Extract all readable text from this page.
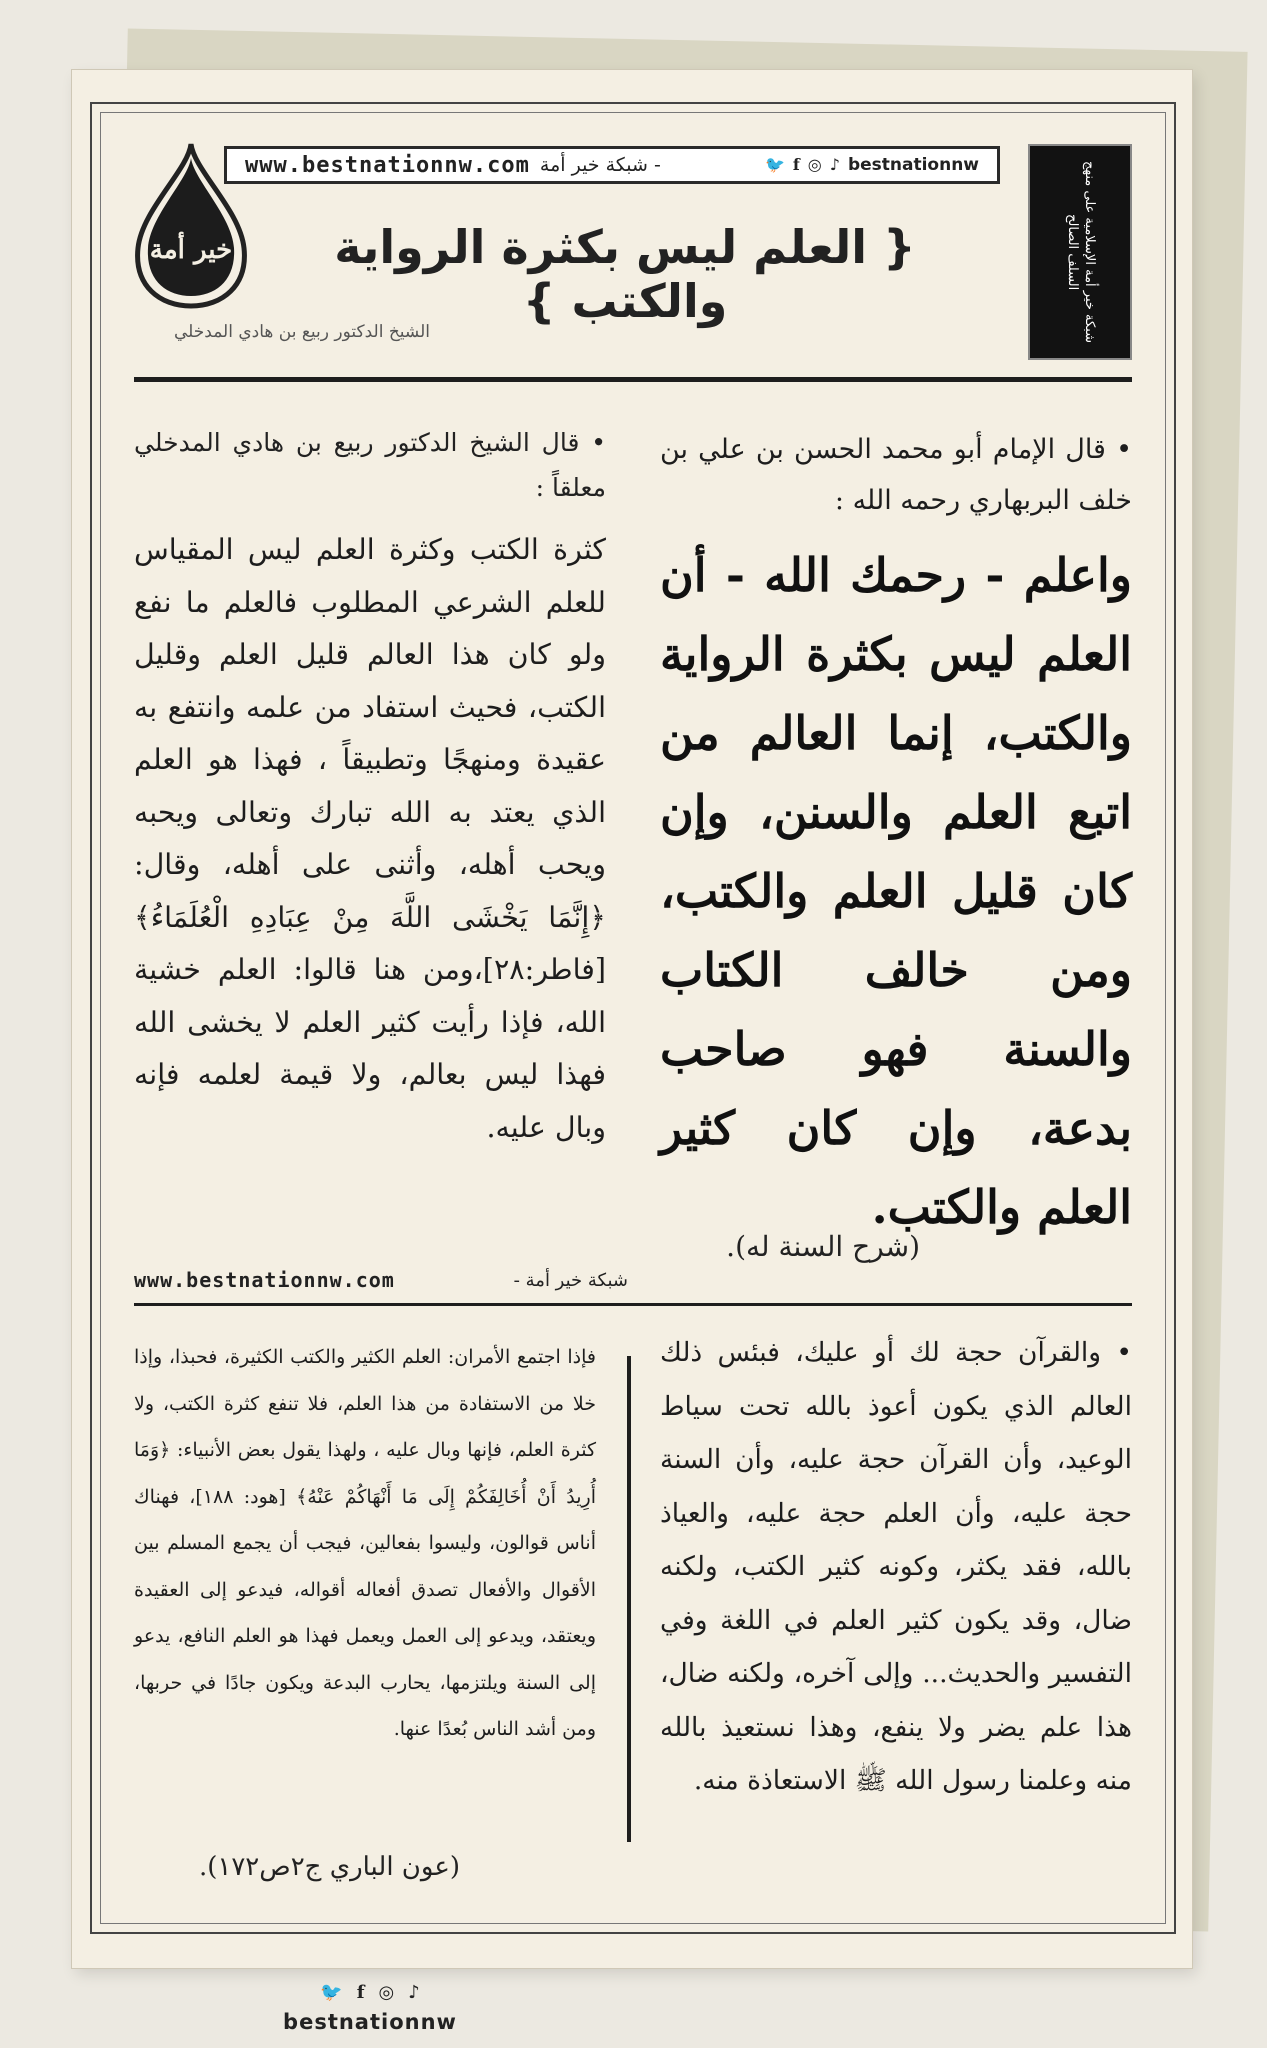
www.bestnationnw.com - شبكة خير أمة	🐦 f ◎ ♪ bestnationnw
{ العلم ليس بكثرة الرواية والكتب }
خير أمة
الشيخ الدكتور ربيع بن هادي المدخلي	شبكة خير أمة الإسلامية على منهج السلف الصالح
• قال الإمام أبو محمد الحسن بن علي بن خلف البربهاري رحمه الله :
واعلم - رحمك الله - أن العلم ليس بكثرة الرواية والكتب، إنما العالم من اتبع العلم والسنن، وإن كان قليل العلم والكتب، ومن خالف الكتاب والسنة فهو صاحب بدعة، وإن كان كثير العلم والكتب.
(شرح السنة له).
• قال الشيخ الدكتور ربيع بن هادي المدخلي معلقاً :
كثرة الكتب وكثرة العلم ليس المقياس للعلم الشرعي المطلوب فالعلم ما نفع ولو كان هذا العالم قليل العلم وقليل الكتب، فحيث استفاد من علمه وانتفع به عقيدة ومنهجًا وتطبيقاً ، فهذا هو العلم الذي يعتد به الله تبارك وتعالى ويحبه ويحب أهله، وأثنى على أهله، وقال: ﴿إِنَّمَا يَخْشَى اللَّهَ مِنْ عِبَادِهِ الْعُلَمَاءُ﴾[فاطر:٢٨]،ومن هنا قالوا: العلم خشية الله، فإذا رأيت كثير العلم لا يخشى الله فهذا ليس بعالم، ولا قيمة لعلمه فإنه وبال عليه.
www.bestnationnw.com	شبكة خير أمة -
• والقرآن حجة لك أو عليك، فبئس ذلك العالم الذي يكون أعوذ بالله تحت سياط الوعيد، وأن القرآن حجة عليه، وأن السنة حجة عليه، وأن العلم حجة عليه، والعياذ بالله، فقد يكثر، وكونه كثير الكتب، ولكنه ضال، وقد يكون كثير العلم في اللغة وفي التفسير والحديث... وإلى آخره، ولكنه ضال، هذا علم يضر ولا ينفع، وهذا نستعيذ بالله منه وعلمنا رسول الله ﷺ الاستعاذة منه.
فإذا اجتمع الأمران: العلم الكثير والكتب الكثيرة، فحبذا، وإذا خلا من الاستفادة من هذا العلم، فلا تنفع كثرة الكتب، ولا كثرة العلم، فإنها وبال عليه ، ولهذا يقول بعض الأنبياء: ﴿وَمَا أُرِيدُ أَنْ أُخَالِفَكُمْ إِلَى مَا أَنْهَاكُمْ عَنْهُ﴾ [هود: ١٨٨]، فهناك أناس قوالون، وليسوا بفعالين، فيجب أن يجمع المسلم بين الأقوال والأفعال تصدق أفعاله أقواله، فيدعو إلى العقيدة ويعتقد، ويدعو إلى العمل ويعمل فهذا هو العلم النافع، يدعو إلى السنة ويلتزمها، يحارب البدعة ويكون جادًا في حربها، ومن أشد الناس بُعدًا عنها.
(عون الباري ج٢ص١٧٢).
🐦 f ◎ ♪
bestnationnw
